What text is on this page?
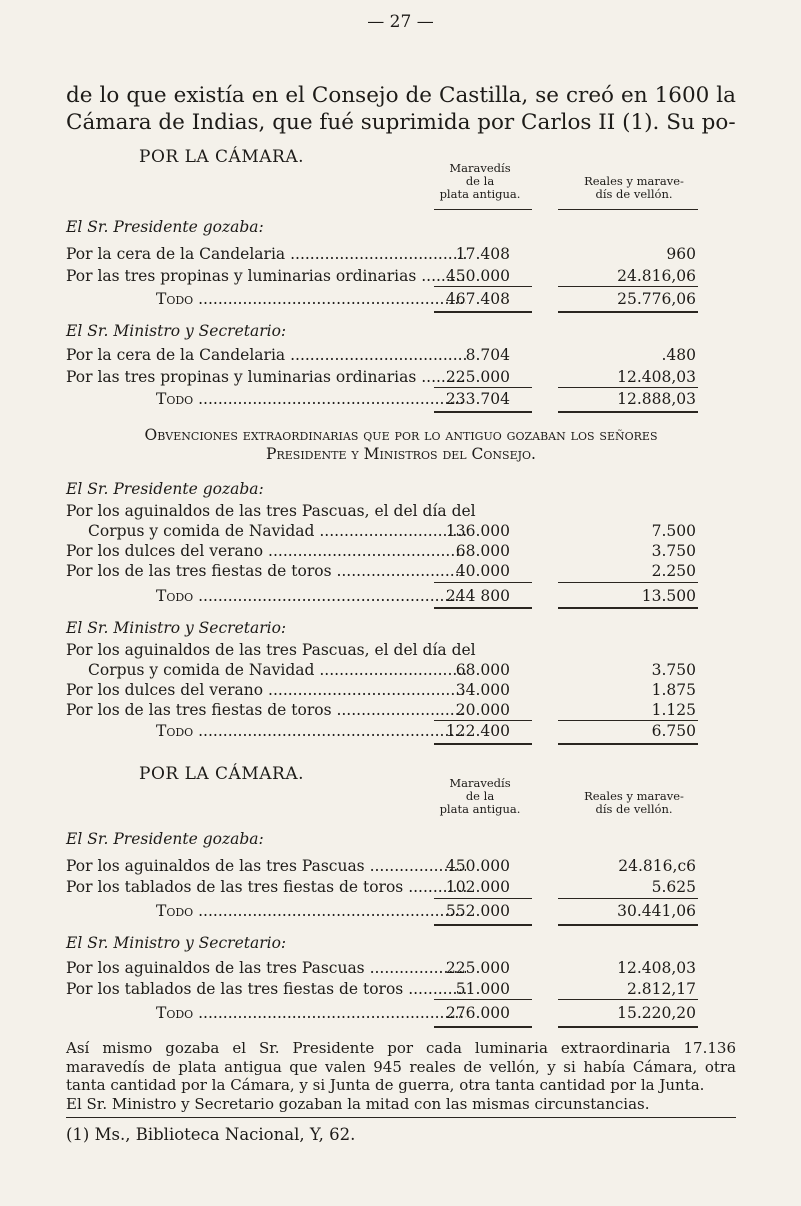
— 27 —

de lo que existía en el Consejo de Castilla, se creó en 1600 la Cámara de Indias, que fué suprimida por Carlos II (1). Su po-

POR LA CÁMARA.
Maravedís
de la
plata antigua.
Reales y marave-
dís de vellón.
El Sr. Presidente gozaba:
Por la cera de la Candelaria .....	17.408	960
Por las tres propinas y luminarias ordinarias .....	450.000	24.816,06
Todo .....	467.408	25.776,06
El Sr. Ministro y Secretario:
Por la cera de la Candelaria .....	8.704	.480
Por las tres propinas y luminarias ordinarias .....	225.000	12.408,03
Todo .....	233.704	12.888,03
Obvenciones extraordinarias que por lo antiguo gozaban los señores
Presidente y Ministros del Consejo.
El Sr. Presidente gozaba:
Por los aguinaldos de las tres Pascuas, el del día del
Corpus y comida de Navidad .....	136.000	7.500
Por los dulces del verano .....	68.000	3.750
Por los de las tres fiestas de toros .....	40.000	2.250
Todo .....	244 800	13.500
El Sr. Ministro y Secretario:
Por los aguinaldos de las tres Pascuas, el del día del
Corpus y comida de Navidad .....	68.000	3.750
Por los dulces del verano .....	34.000	1.875
Por los de las tres fiestas de toros .....	20.000	1.125
Todo .....	122.400	6.750
POR LA CÁMARA.	Maravedís
de la
plata antigua.
Reales y marave-
dís de vellón.
El Sr. Presidente gozaba:
Por los aguinaldos de las tres Pascuas .....	450.000	24.816,c6
Por los tablados de las tres fiestas de toros .....	102.000	5.625
Todo .....	552.000	30.441,06
El Sr. Ministro y Secretario:
Por los aguinaldos de las tres Pascuas .....	225.000	12.408,03
Por los tablados de las tres fiestas de toros .....	51.000	2.812,17
Todo .....	276.000	15.220,20

Así mismo gozaba el Sr. Presidente por cada luminaria extraordinaria 17.136 maravedís de plata antigua que valen 945 reales de vellón, y si había Cámara, otra tanta cantidad por la Cámara, y si Junta de guerra, otra tanta cantidad por la Junta.

El Sr. Ministro y Secretario gozaban la mitad con las mismas circunstancias.

(1) Ms., Biblioteca Nacional, Y, 62.
